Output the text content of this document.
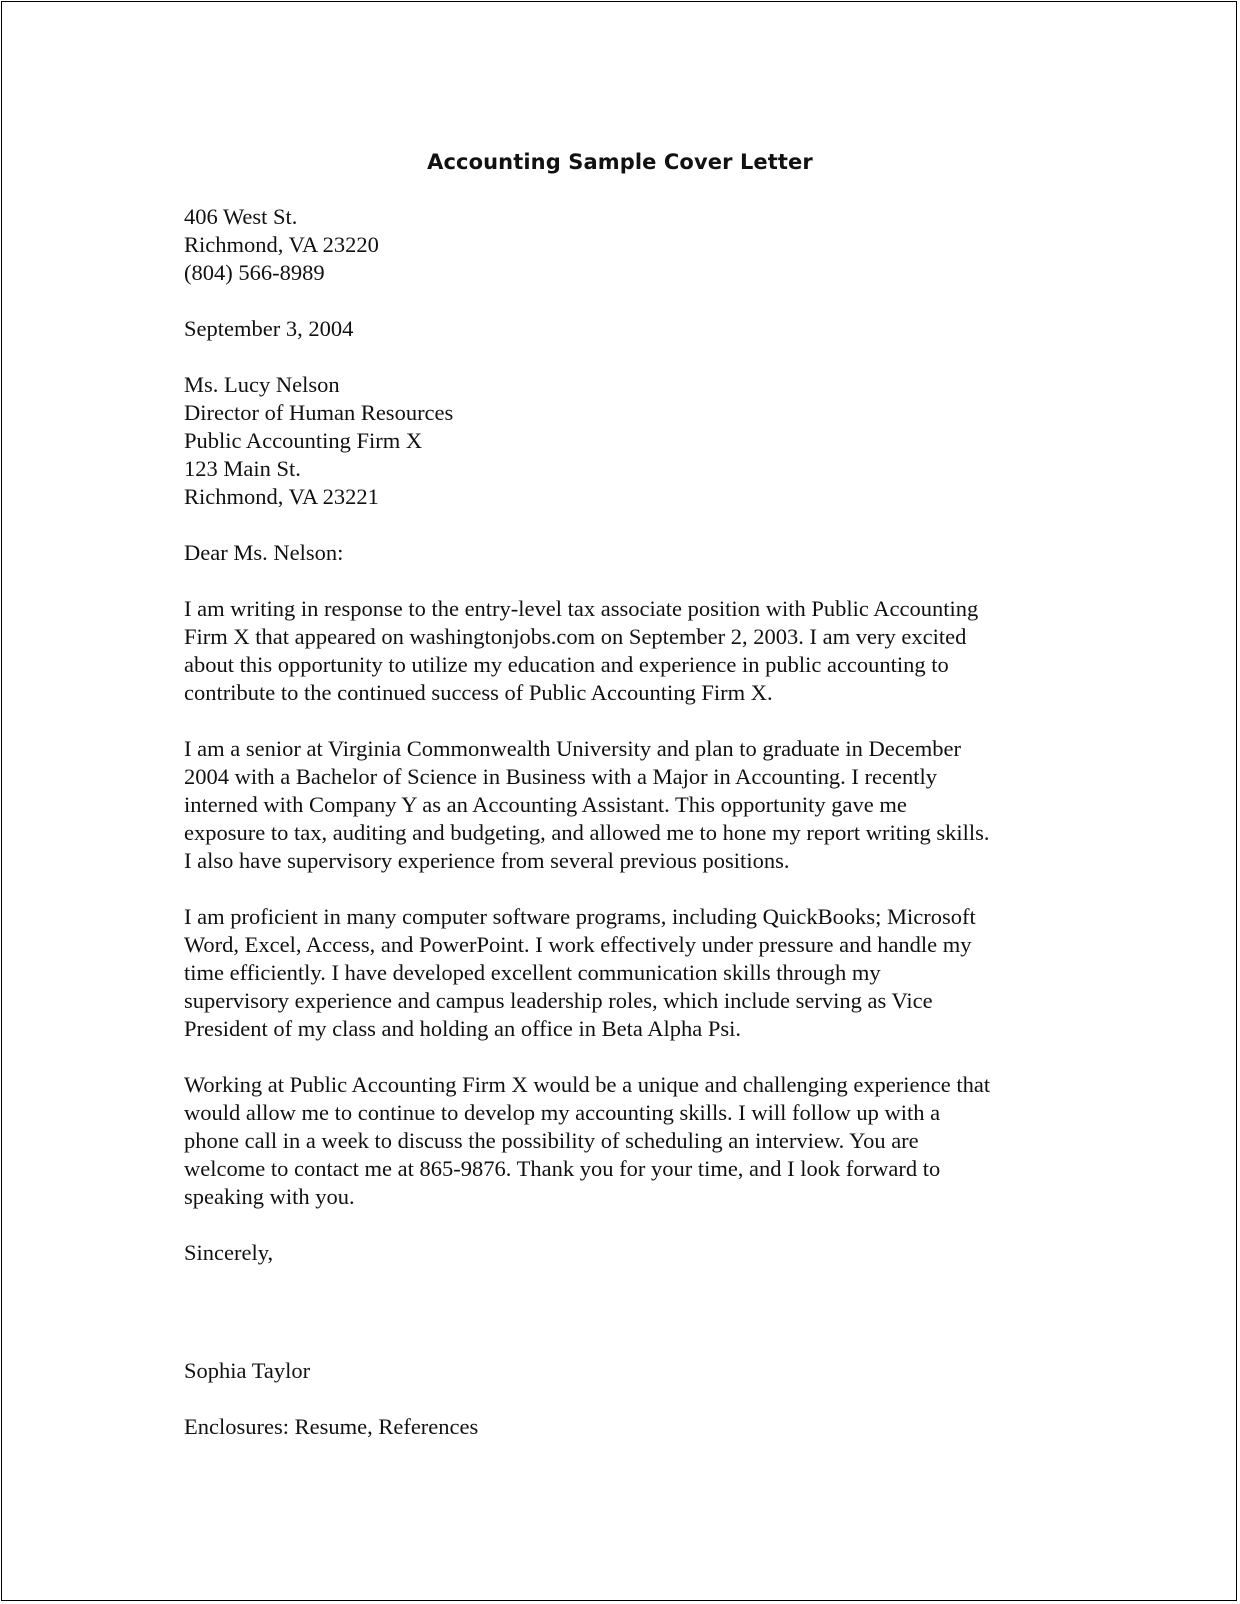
Accounting Sample Cover Letter
406 West St.
Richmond, VA 23220
(804) 566-8989
September 3, 2004
Ms. Lucy Nelson
Director of Human Resources
Public Accounting Firm X
123 Main St.
Richmond, VA 23221
Dear Ms. Nelson:
I am writing in response to the entry-level tax associate position with Public Accounting
Firm X that appeared on washingtonjobs.com on September 2, 2003. I am very excited
about this opportunity to utilize my education and experience in public accounting to
contribute to the continued success of Public Accounting Firm X.
I am a senior at Virginia Commonwealth University and plan to graduate in December
2004 with a Bachelor of Science in Business with a Major in Accounting. I recently
interned with Company Y as an Accounting Assistant. This opportunity gave me
exposure to tax, auditing and budgeting, and allowed me to hone my report writing skills.
I also have supervisory experience from several previous positions.
I am proficient in many computer software programs, including QuickBooks; Microsoft
Word, Excel, Access, and PowerPoint. I work effectively under pressure and handle my
time efficiently. I have developed excellent communication skills through my
supervisory experience and campus leadership roles, which include serving as Vice
President of my class and holding an office in Beta Alpha Psi.
Working at Public Accounting Firm X would be a unique and challenging experience that
would allow me to continue to develop my accounting skills. I will follow up with a
phone call in a week to discuss the possibility of scheduling an interview. You are
welcome to contact me at 865-9876. Thank you for your time, and I look forward to
speaking with you.
Sincerely,
Sophia Taylor
Enclosures: Resume, References
